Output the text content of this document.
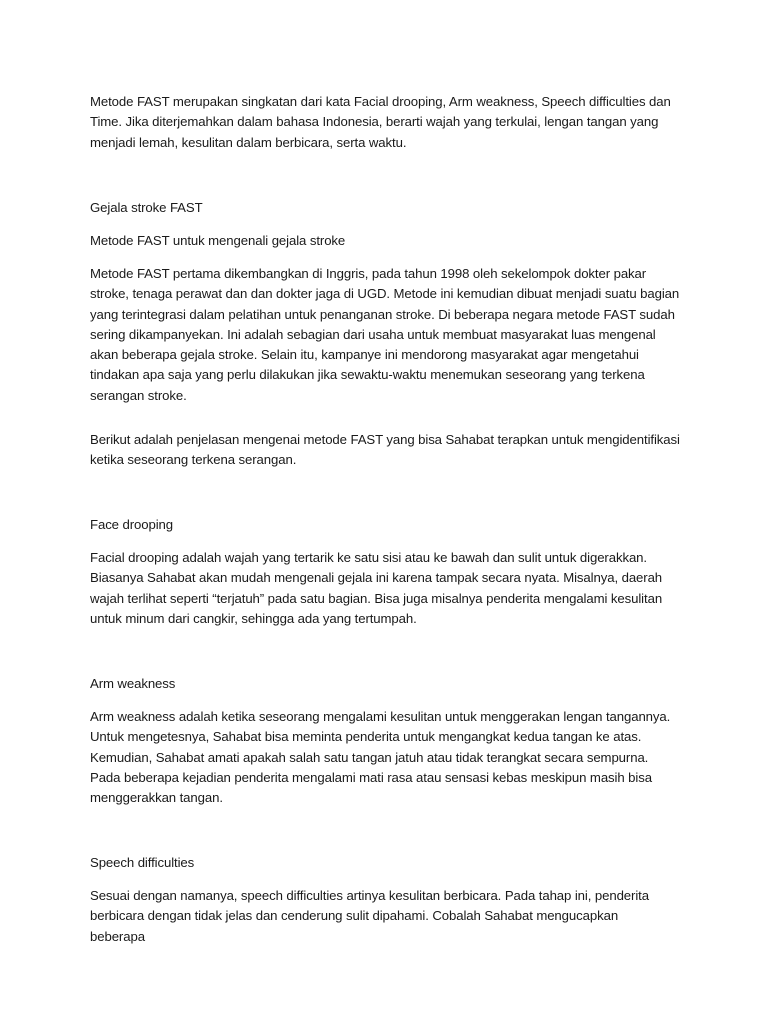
Metode FAST merupakan singkatan dari kata Facial drooping, Arm weakness, Speech difficulties dan Time. Jika diterjemahkan dalam bahasa Indonesia, berarti wajah yang terkulai, lengan tangan yang menjadi lemah, kesulitan dalam berbicara, serta waktu.

Gejala stroke FAST
Metode FAST untuk mengenali gejala stroke

Metode FAST pertama dikembangkan di Inggris, pada tahun 1998 oleh sekelompok dokter pakar stroke, tenaga perawat dan dan dokter jaga di UGD. Metode ini kemudian dibuat menjadi suatu bagian yang terintegrasi dalam pelatihan untuk penanganan stroke. Di beberapa negara metode FAST sudah sering dikampanyekan. Ini adalah sebagian dari usaha untuk membuat masyarakat luas mengenal akan beberapa gejala stroke. Selain itu, kampanye ini mendorong masyarakat agar mengetahui tindakan apa saja yang perlu dilakukan jika sewaktu-waktu menemukan seseorang yang terkena serangan stroke.

Berikut adalah penjelasan mengenai metode FAST yang bisa Sahabat terapkan untuk mengidentifikasi ketika seseorang terkena serangan.

Face drooping

Facial drooping adalah wajah yang tertarik ke satu sisi atau ke bawah dan sulit untuk digerakkan. Biasanya Sahabat akan mudah mengenali gejala ini karena tampak secara nyata. Misalnya, daerah wajah terlihat seperti “terjatuh” pada satu bagian. Bisa juga misalnya penderita mengalami kesulitan untuk minum dari cangkir, sehingga ada yang tertumpah.

Arm weakness

Arm weakness adalah ketika seseorang mengalami kesulitan untuk menggerakan lengan tangannya. Untuk mengetesnya, Sahabat bisa meminta penderita untuk mengangkat kedua tangan ke atas. Kemudian, Sahabat amati apakah salah satu tangan jatuh atau tidak terangkat secara sempurna. Pada beberapa kejadian penderita mengalami mati rasa atau sensasi kebas meskipun masih bisa menggerakkan tangan.

Speech difficulties

Sesuai dengan namanya, speech difficulties artinya kesulitan berbicara. Pada tahap ini, penderita berbicara dengan tidak jelas dan cenderung sulit dipahami. Cobalah Sahabat mengucapkan beberapa
